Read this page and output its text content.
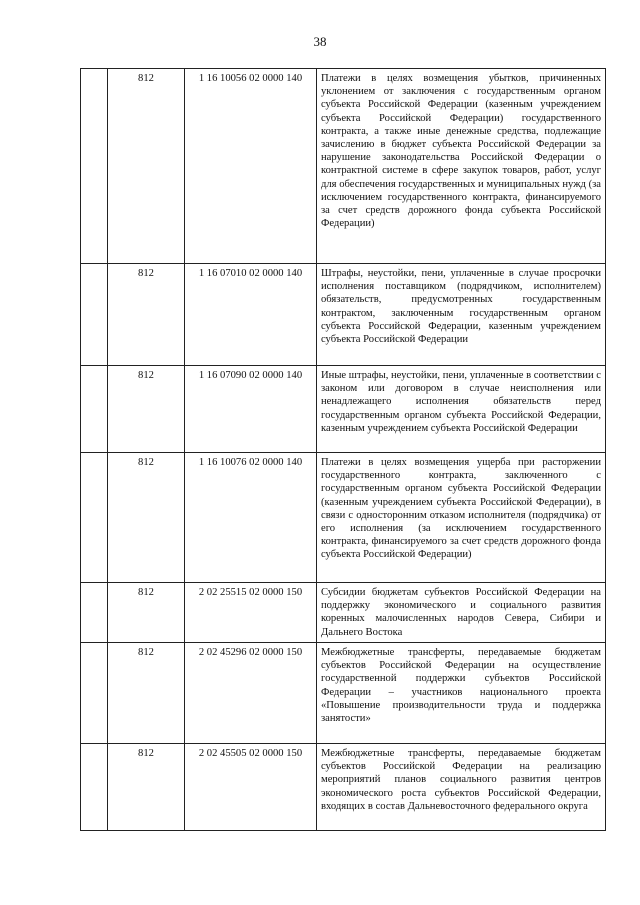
38
	812	1 16 10056 02 0000 140	Платежи в целях возмещения убытков, причиненных уклонением от заключения с государственным органом субъекта Российской Федерации (казенным учреждением субъекта Российской Федерации) государственного контракта, а также иные денежные средства, подлежащие зачислению в бюджет субъекта Российской Федерации за нарушение законодательства Российской Федерации о контрактной системе в сфере закупок товаров, работ, услуг для обеспечения государственных и муниципальных нужд (за исключением государственного контракта, финансируемого за счет средств дорожного фонда субъекта Российской Федерации)
	812	1 16 07010 02 0000 140	Штрафы, неустойки, пени, уплаченные в случае просрочки исполнения поставщиком (подрядчиком, исполнителем) обязательств, предусмотренных государственным контрактом, заключенным государственным органом субъекта Российской Федерации, казенным учреждением субъекта Российской Федерации
	812	1 16 07090 02 0000 140	Иные штрафы, неустойки, пени, уплаченные в соответствии с законом или договором в случае неисполнения или ненадлежащего исполнения обязательств перед государственным органом субъекта Российской Федерации, казенным учреждением субъекта Российской Федерации
	812	1 16 10076 02 0000 140	Платежи в целях возмещения ущерба при расторжении государственного контракта, заключенного с государственным органом субъекта Российской Федерации (казенным учреждением субъекта Российской Федерации), в связи с односторонним отказом исполнителя (подрядчика) от его исполнения (за исключением государственного контракта, финансируемого за счет средств дорожного фонда субъекта Российской Федерации)
	812	2 02 25515 02 0000 150	Субсидии бюджетам субъектов Российской Федерации на поддержку экономического и социального развития коренных малочисленных народов Севера, Сибири и Дальнего Востока
	812	2 02 45296 02 0000 150	Межбюджетные трансферты, передаваемые бюджетам субъектов Российской Федерации на осуществление государственной поддержки субъектов Российской Федерации – участников национального проекта «Повышение производительности труда и поддержка занятости»
	812	2 02 45505 02 0000 150	Межбюджетные трансферты, передаваемые бюджетам субъектов Российской Федерации на реализацию мероприятий планов социального развития центров экономического роста субъектов Российской Федерации, входящих в состав Дальневосточного федерального округа
